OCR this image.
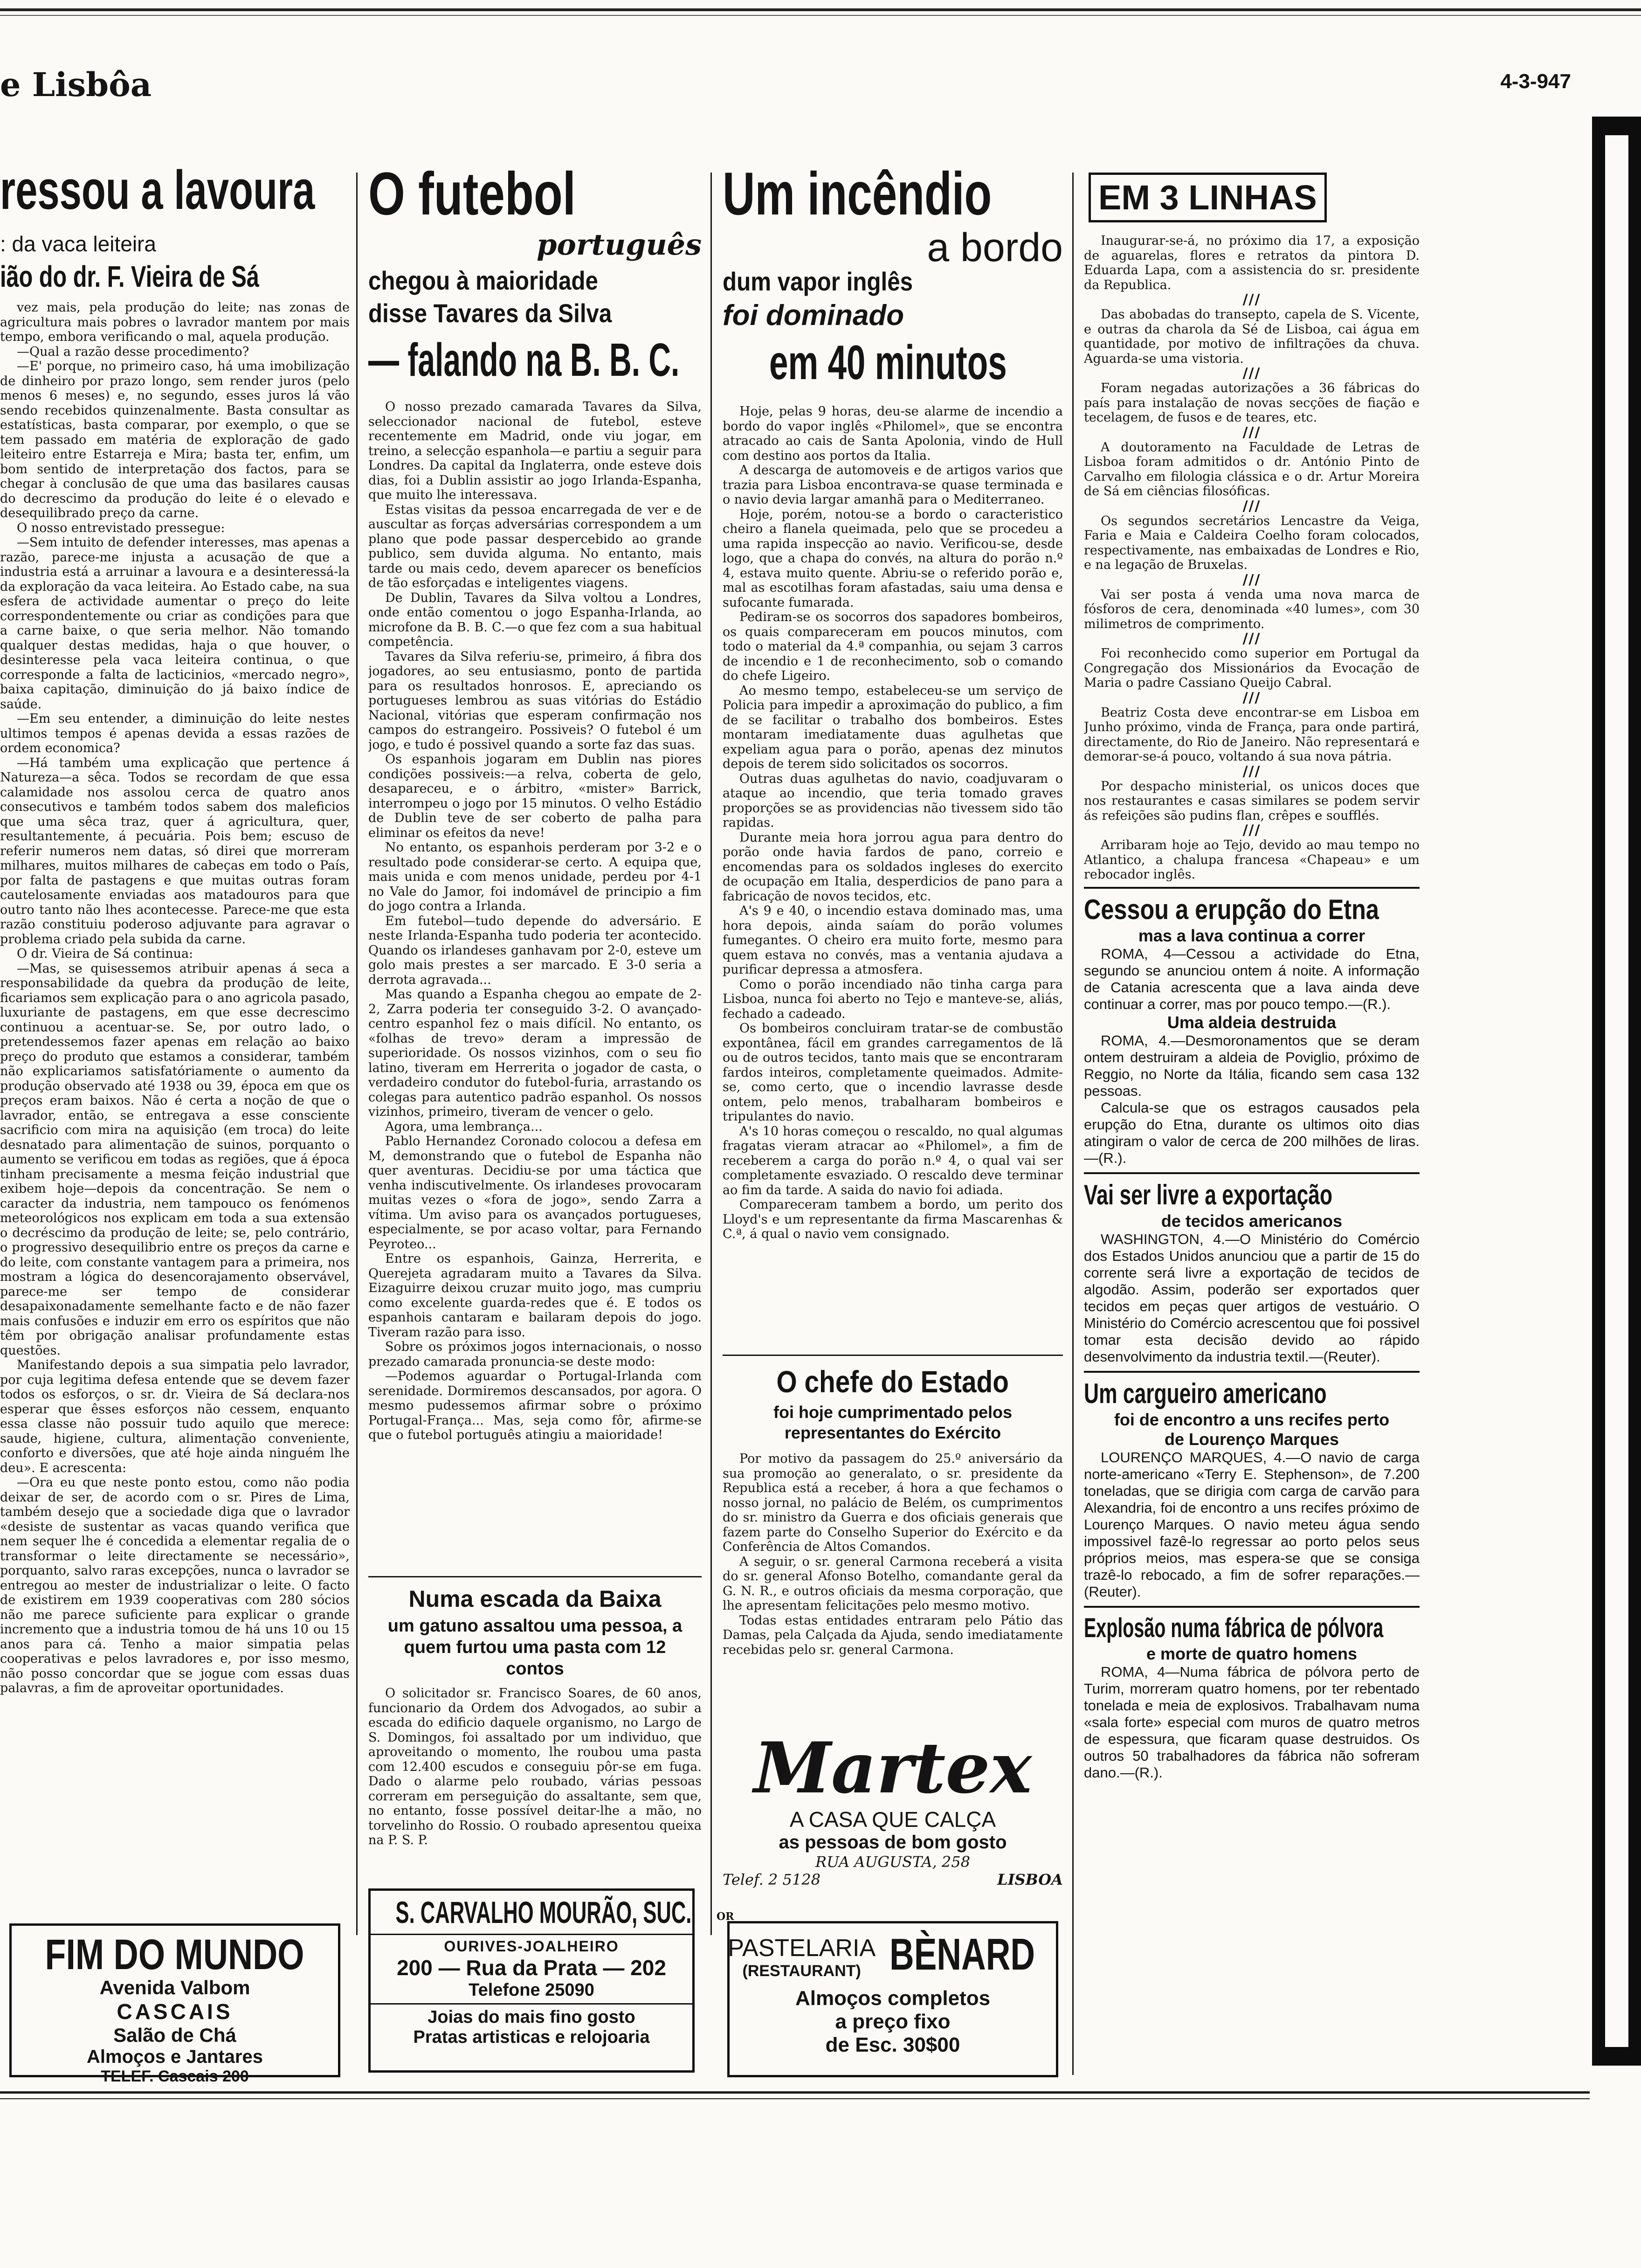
e Lisbôa	4-3-947
ressou a lavoura
: da vaca leiteira
ião do dr. F. Vieira de Sá

vez mais, pela produção do leite; nas zonas de agricultura mais pobres o lavrador mantem por mais tempo, embora verificando o mal, aquela produção.

—Qual a razão desse procedimento?

—E' porque, no primeiro caso, há uma imobilização de dinheiro por prazo longo, sem render juros (pelo menos 6 meses) e, no segundo, esses juros lá vão sendo recebidos quinzenalmente. Basta consultar as estatísticas, basta comparar, por exemplo, o que se tem passado em matéria de exploração de gado leiteiro entre Estarreja e Mira; basta ter, enfim, um bom sentido de interpretação dos factos, para se chegar à conclusão de que uma das basilares causas do decrescimo da produção do leite é o elevado e desequilibrado preço da carne.

O nosso entrevistado pressegue:

—Sem intuito de defender interesses, mas apenas a razão, parece-me injusta a acusação de que a industria está a arruinar a lavoura e a desinteressá-la da exploração da vaca leiteira. Ao Estado cabe, na sua esfera de actividade aumentar o preço do leite correspondentemente ou criar as condições para que a carne baixe, o que seria melhor. Não tomando qualquer destas medidas, haja o que houver, o desinteresse pela vaca leiteira continua, o que corresponde a falta de lacticinios, «mercado negro», baixa capitação, diminuição do já baixo índice de saúde.

—Em seu entender, a diminuição do leite nestes ultimos tempos é apenas devida a essas razões de ordem economica?

—Há também uma explicação que pertence á Natureza—a sêca. Todos se recordam de que essa calamidade nos assolou cerca de quatro anos consecutivos e também todos sabem dos maleficios que uma sêca traz, quer á agricultura, quer, resultantemente, á pecuária. Pois bem; escuso de referir numeros nem datas, só direi que morreram milhares, muitos milhares de cabeças em todo o País, por falta de pastagens e que muitas outras foram cautelosamente enviadas aos matadouros para que outro tanto não lhes acontecesse. Parece-me que esta razão constituiu poderoso adjuvante para agravar o problema criado pela subida da carne.

O dr. Vieira de Sá continua:

—Mas, se quisessemos atribuir apenas á seca a responsabilidade da quebra da produção de leite, ficariamos sem explicação para o ano agricola pasado, luxuriante de pastagens, em que esse decrescimo continuou a acentuar-se. Se, por outro lado, o pretendessemos fazer apenas em relação ao baixo preço do produto que estamos a considerar, também não explicariamos satisfatóriamente o aumento da produção observado até 1938 ou 39, época em que os preços eram baixos. Não é certa a noção de que o lavrador, então, se entregava a esse consciente sacrificio com mira na aquisição (em troca) do leite desnatado para alimentação de suinos, porquanto o aumento se verificou em todas as regiões, que á época tinham precisamente a mesma feição industrial que exibem hoje—depois da concentração. Se nem o caracter da industria, nem tampouco os fenómenos meteorológicos nos explicam em toda a sua extensão o decréscimo da produção de leite; se, pelo contrário, o progressivo desequilibrio entre os preços da carne e do leite, com constante vantagem para a primeira, nos mostram a lógica do desencorajamento observável, parece-me ser tempo de considerar desapaixonadamente semelhante facto e de não fazer mais confusões e induzir em erro os espíritos que não têm por obrigação analisar profundamente estas questões.

Manifestando depois a sua simpatia pelo lavrador, por cuja legitima defesa entende que se devem fazer todos os esforços, o sr. dr. Vieira de Sá declara-nos esperar que êsses esforços não cessem, enquanto essa classe não possuir tudo aquilo que merece: saude, higiene, cultura, alimentação conveniente, conforto e diversões, que até hoje ainda ninguém lhe deu». E acrescenta:

—Ora eu que neste ponto estou, como não podia deixar de ser, de acordo com o sr. Pires de Lima, também desejo que a sociedade diga que o lavrador «desiste de sustentar as vacas quando verifica que nem sequer lhe é concedida a elementar regalia de o transformar o leite directamente se necessário», porquanto, salvo raras excepções, nunca o lavrador se entregou ao mester de industrializar o leite. O facto de existirem em 1939 cooperativas com 280 sócios não me parece suficiente para explicar o grande incremento que a industria tomou de há uns 10 ou 15 anos para cá. Tenho a maior simpatia pelas cooperativas e pelos lavradores e, por isso mesmo, não posso concordar que se jogue com essas duas palavras, a fim de aproveitar oportunidades.

FIM DO MUNDO
Avenida Valbom
CASCAIS
Salão de Chá
Almoços e Jantares
TELEF. Cascais 200
O futebol
português
chegou à maioridade
disse Tavares da Silva
— falando na B. B. C.

O nosso prezado camarada Tavares da Silva, seleccionador nacional de futebol, esteve recentemente em Madrid, onde viu jogar, em treino, a selecção espanhola—e partiu a seguir para Londres. Da capital da Inglaterra, onde esteve dois dias, foi a Dublin assistir ao jogo Irlanda-Espanha, que muito lhe interessava.

Estas visitas da pessoa encarregada de ver e de auscultar as forças adversárias correspondem a um plano que pode passar despercebido ao grande publico, sem duvida alguma. No entanto, mais tarde ou mais cedo, devem aparecer os benefícios de tão esforçadas e inteligentes viagens.

De Dublin, Tavares da Silva voltou a Londres, onde então comentou o jogo Espanha-Irlanda, ao microfone da B. B. C.—o que fez com a sua habitual competência.

Tavares da Silva referiu-se, primeiro, á fibra dos jogadores, ao seu entusiasmo, ponto de partida para os resultados honrosos. E, apreciando os portugueses lembrou as suas vitórias do Estádio Nacional, vitórias que esperam confirmação nos campos do estrangeiro. Possiveis? O futebol é um jogo, e tudo é possivel quando a sorte faz das suas.

Os espanhois jogaram em Dublin nas piores condições possiveis:—a relva, coberta de gelo, desapareceu, e o árbitro, «mister» Barrick, interrompeu o jogo por 15 minutos. O velho Estádio de Dublin teve de ser coberto de palha para eliminar os efeitos da neve!

No entanto, os espanhois perderam por 3-2 e o resultado pode considerar-se certo. A equipa que, mais unida e com menos unidade, perdeu por 4-1 no Vale do Jamor, foi indomável de principio a fim do jogo contra a Irlanda.

Em futebol—tudo depende do adversário. E neste Irlanda-Espanha tudo poderia ter acontecido. Quando os irlandeses ganhavam por 2-0, esteve um golo mais prestes a ser marcado. E 3-0 seria a derrota agravada...

Mas quando a Espanha chegou ao empate de 2-2, Zarra poderia ter conseguido 3-2. O avançado-centro espanhol fez o mais difícil. No entanto, os «folhas de trevo» deram a impressão de superioridade. Os nossos vizinhos, com o seu fio latino, tiveram em Herrerita o jogador de casta, o verdadeiro condutor do futebol-furia, arrastando os colegas para autentico padrão espanhol. Os nossos vizinhos, primeiro, tiveram de vencer o gelo.

Agora, uma lembrança...

Pablo Hernandez Coronado colocou a defesa em M, demonstrando que o futebol de Espanha não quer aventuras. Decidiu-se por uma táctica que venha indiscutivelmente. Os irlandeses provocaram muitas vezes o «fora de jogo», sendo Zarra a vítima. Um aviso para os avançados portugueses, especialmente, se por acaso voltar, para Fernando Peyroteo...

Entre os espanhois, Gainza, Herrerita, e Querejeta agradaram muito a Tavares da Silva. Eizaguirre deixou cruzar muito jogo, mas cumpriu como excelente guarda-redes que é. E todos os espanhois cantaram e bailaram depois do jogo. Tiveram razão para isso.

Sobre os próximos jogos internacionais, o nosso prezado camarada pronuncia-se deste modo:

—Podemos aguardar o Portugal-Irlanda com serenidade. Dormiremos descansados, por agora. O mesmo pudessemos afirmar sobre o próximo Portugal-França... Mas, seja como fôr, afirme-se que o futebol português atingiu a maioridade!

Numa escada da Baixa
um gatuno assaltou uma pessoa, a quem furtou uma pasta com 12 contos

O solicitador sr. Francisco Soares, de 60 anos, funcionario da Ordem dos Advogados, ao subir a escada do edificio daquele organismo, no Largo de S. Domingos, foi assaltado por um individuo, que aproveitando o momento, lhe roubou uma pasta com 12.400 escudos e conseguiu pôr-se em fuga. Dado o alarme pelo roubado, várias pessoas correram em perseguição do assaltante, sem que, no entanto, fosse possível deitar-lhe a mão, no torvelinho do Rossio. O roubado apresentou queixa na P. S. P.

S. CARVALHO MOURÃO, SUC. $^{OR}$
OURIVES-JOALHEIRO
200 — Rua da Prata — 202
Telefone 25090
Joias do mais fino gosto
Pratas artisticas e relojoaria
Um incêndio
a bordo
dum vapor inglês
foi dominado
em 40 minutos

Hoje, pelas 9 horas, deu-se alarme de incendio a bordo do vapor inglês «Philomel», que se encontra atracado ao cais de Santa Apolonia, vindo de Hull com destino aos portos da Italia.

A descarga de automoveis e de artigos varios que trazia para Lisboa encontrava-se quase terminada e o navio devia largar amanhã para o Mediterraneo.

Hoje, porém, notou-se a bordo o caracteristico cheiro a flanela queimada, pelo que se procedeu a uma rapida inspecção ao navio. Verificou-se, desde logo, que a chapa do convés, na altura do porão n.º 4, estava muito quente. Abriu-se o referido porão e, mal as escotilhas foram afastadas, saiu uma densa e sufocante fumarada.

Pediram-se os socorros dos sapadores bombeiros, os quais compareceram em poucos minutos, com todo o material da 4.ª companhia, ou sejam 3 carros de incendio e 1 de reconhecimento, sob o comando do chefe Ligeiro.

Ao mesmo tempo, estabeleceu-se um serviço de Policia para impedir a aproximação do publico, a fim de se facilitar o trabalho dos bombeiros. Estes montaram imediatamente duas agulhetas que expeliam agua para o porão, apenas dez minutos depois de terem sido solicitados os socorros.

Outras duas agulhetas do navio, coadjuvaram o ataque ao incendio, que teria tomado graves proporções se as providencias não tivessem sido tão rapidas.

Durante meia hora jorrou agua para dentro do porão onde havia fardos de pano, correio e encomendas para os soldados ingleses do exercito de ocupação em Italia, desperdicios de pano para a fabricação de novos tecidos, etc.

A's 9 e 40, o incendio estava dominado mas, uma hora depois, ainda saíam do porão volumes fumegantes. O cheiro era muito forte, mesmo para quem estava no convés, mas a ventania ajudava a purificar depressa a atmosfera.

Como o porão incendiado não tinha carga para Lisboa, nunca foi aberto no Tejo e manteve-se, aliás, fechado a cadeado.

Os bombeiros concluiram tratar-se de combustão expontânea, fácil em grandes carregamentos de lã ou de outros tecidos, tanto mais que se encontraram fardos inteiros, completamente queimados. Admite-se, como certo, que o incendio lavrasse desde ontem, pelo menos, trabalharam bombeiros e tripulantes do navio.

A's 10 horas começou o rescaldo, no qual algumas fragatas vieram atracar ao «Philomel», a fim de receberem a carga do porão n.º 4, o qual vai ser completamente esvaziado. O rescaldo deve terminar ao fim da tarde. A saida do navio foi adiada.

Compareceram tambem a bordo, um perito dos Lloyd's e um representante da firma Mascarenhas & C.ª, á qual o navio vem consignado.

O chefe do Estado
foi hoje cumprimentado pelos representantes do Exército

Por motivo da passagem do 25.º aniversário da sua promoção ao generalato, o sr. presidente da Republica está a receber, á hora a que fechamos o nosso jornal, no palácio de Belém, os cumprimentos do sr. ministro da Guerra e dos oficiais generais que fazem parte do Conselho Superior do Exército e da Conferência de Altos Comandos.

A seguir, o sr. general Carmona receberá a visita do sr. general Afonso Botelho, comandante geral da G. N. R., e outros oficiais da mesma corporação, que lhe apresentam felicitações pelo mesmo motivo.

Todas estas entidades entraram pelo Pátio das Damas, pela Calçada da Ajuda, sendo imediatamente recebidas pelo sr. general Carmona.

Martex
A CASA QUE CALÇA
as pessoas de bom gosto
RUA AUGUSTA, 258
Telef. 2 5128	LISBOA
PASTELARIA
(RESTAURANT) BÈNARD
Almoços completos
a preço fixo
de Esc. 30$00
EM 3 LINHAS

Inaugurar-se-á, no próximo dia 17, a exposição de aguarelas, flores e retratos da pintora D. Eduarda Lapa, com a assistencia do sr. presidente da Republica.

///

Das abobadas do transepto, capela de S. Vicente, e outras da charola da Sé de Lisboa, cai água em quantidade, por motivo de infiltrações da chuva. Aguarda-se uma vistoria.

///

Foram negadas autorizações a 36 fábricas do país para instalação de novas secções de fiação e tecelagem, de fusos e de teares, etc.

///

A doutoramento na Faculdade de Letras de Lisboa foram admitidos o dr. António Pinto de Carvalho em filologia clássica e o dr. Artur Moreira de Sá em ciências filosóficas.

///

Os segundos secretários Lencastre da Veiga, Faria e Maia e Caldeira Coelho foram colocados, respectivamente, nas embaixadas de Londres e Rio, e na legação de Bruxelas.

///

Vai ser posta á venda uma nova marca de fósforos de cera, denominada «40 lumes», com 30 milimetros de comprimento.

///

Foi reconhecido como superior em Portugal da Congregação dos Missionários da Evocação de Maria o padre Cassiano Queijo Cabral.

///

Beatriz Costa deve encontrar-se em Lisboa em Junho próximo, vinda de França, para onde partirá, directamente, do Rio de Janeiro. Não representará e demorar-se-á pouco, voltando á sua nova pátria.

///

Por despacho ministerial, os unicos doces que nos restaurantes e casas similares se podem servir ás refeições são pudins flan, crêpes e soufflés.

///

Arribaram hoje ao Tejo, devido ao mau tempo no Atlantico, a chalupa francesa «Chapeau» e um rebocador inglês.

Cessou a erupção do Etna
mas a lava continua a correr

ROMA, 4—Cessou a actividade do Etna, segundo se anunciou ontem á noite. A informação de Catania acrescenta que a lava ainda deve continuar a correr, mas por pouco tempo.—(R.).

Uma aldeia destruida

ROMA, 4.—Desmoronamentos que se deram ontem destruiram a aldeia de Poviglio, próximo de Reggio, no Norte da Itália, ficando sem casa 132 pessoas.

Calcula-se que os estragos causados pela erupção do Etna, durante os ultimos oito dias atingiram o valor de cerca de 200 milhões de liras.—(R.).

Vai ser livre a exportação
de tecidos americanos

WASHINGTON, 4.—O Ministério do Comércio dos Estados Unidos anunciou que a partir de 15 do corrente será livre a exportação de tecidos de algodão. Assim, poderão ser exportados quer tecidos em peças quer artigos de vestuário. O Ministério do Comércio acrescentou que foi possivel tomar esta decisão devido ao rápido desenvolvimento da industria textil.—(Reuter).

Um cargueiro americano
foi de encontro a uns recifes perto de Lourenço Marques

LOURENÇO MARQUES, 4.—O navio de carga norte-americano «Terry E. Stephenson», de 7.200 toneladas, que se dirigia com carga de carvão para Alexandria, foi de encontro a uns recifes próximo de Lourenço Marques. O navio meteu água sendo impossivel fazê-lo regressar ao porto pelos seus próprios meios, mas espera-se que se consiga trazê-lo rebocado, a fim de sofrer reparações.—(Reuter).

Explosão numa fábrica de pólvora
e morte de quatro homens

ROMA, 4—Numa fábrica de pólvora perto de Turim, morreram quatro homens, por ter rebentado tonelada e meia de explosivos. Trabalhavam numa «sala forte» especial com muros de quatro metros de espessura, que ficaram quase destruidos. Os outros 50 trabalhadores da fábrica não sofreram dano.—(R.).
